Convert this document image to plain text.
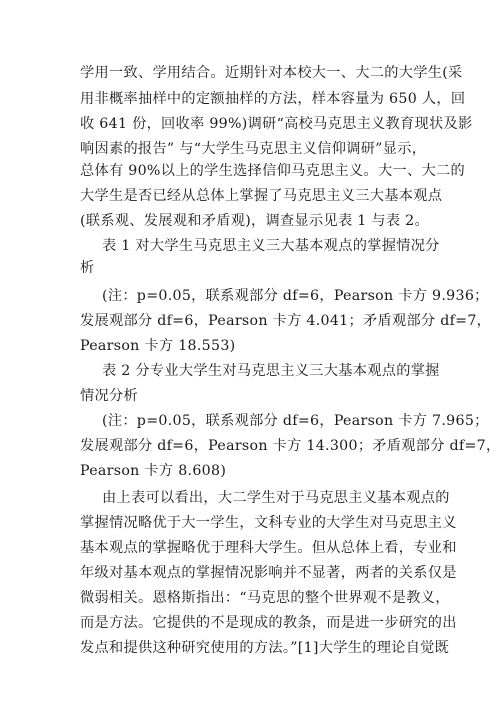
学用一致、学用结合。近期针对本校大一、大二的大学生(采
用非概率抽样中的定额抽样的方法，样本容量为 650 人，回
收 641 份，回收率 99%)调研“高校马克思主义教育现状及影
响因素的报告” 与“大学生马克思主义信仰调研”显示，
总体有 90%以上的学生选择信仰马克思主义。大一、大二的
大学生是否已经从总体上掌握了马克思主义三大基本观点
(联系观、发展观和矛盾观)，调查显示见表 1 与表 2。
表 1 对大学生马克思主义三大基本观点的掌握情况分
析
(注：p=0.05，联系观部分 df=6，Pearson 卡方 9.936；
发展观部分 df=6，Pearson 卡方 4.041；矛盾观部分 df=7，
Pearson 卡方 18.553)
表 2 分专业大学生对马克思主义三大基本观点的掌握
情况分析
(注：p=0.05，联系观部分 df=6，Pearson 卡方 7.965；
发展观部分 df=6，Pearson 卡方 14.300；矛盾观部分 df=7，
Pearson 卡方 8.608)
由上表可以看出，大二学生对于马克思主义基本观点的
掌握情况略优于大一学生，文科专业的大学生对马克思主义
基本观点的掌握略优于理科大学生。但从总体上看，专业和
年级对基本观点的掌握情况影响并不显著，两者的关系仅是
微弱相关。恩格斯指出：“马克思的整个世界观不是教义，
而是方法。它提供的不是现成的教条，而是进一步研究的出
发点和提供这种研究使用的方法。”[1]大学生的理论自觉既
